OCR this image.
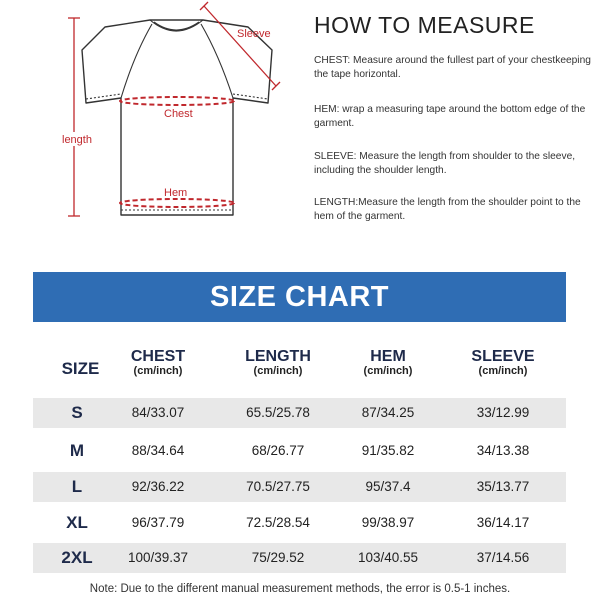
Chest
Hem
Sleeve
length
HOW TO MEASURE
CHEST: Measure around the fullest part of your chestkeeping the tape horizontal.
HEM: wrap a measuring tape around the bottom edge of the garment.
SLEEVE: Measure the length from shoulder to the sleeve, including the shoulder length.
LENGTH:Measure the length from the shoulder point to the hem of the garment.
SIZE CHART
SIZE
CHEST
(cm/inch)
LENGTH
(cm/inch)
HEM
(cm/inch)
SLEEVE
(cm/inch)
S	84/33.07	65.5/25.78	87/34.25	33/12.99
M	88/34.64	68/26.77	91/35.82	34/13.38
L	92/36.22	70.5/27.75	95/37.4	35/13.77
XL	96/37.79	72.5/28.54	99/38.97	36/14.17
2XL	100/39.37	75/29.52	103/40.55	37/14.56
Note: Due to the different manual measurement methods, the error is 0.5-1 inches.
